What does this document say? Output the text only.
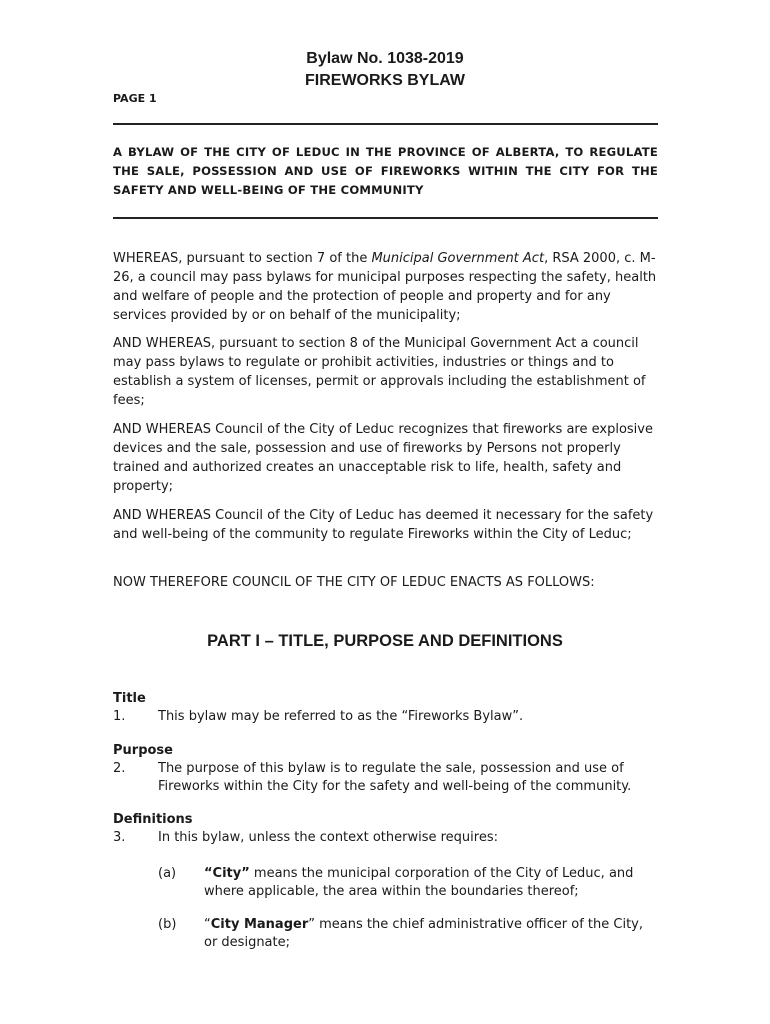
Bylaw No. 1038-2019
FIREWORKS BYLAW
PAGE 1
A BYLAW OF THE CITY OF LEDUC IN THE PROVINCE OF ALBERTA, TO REGULATE THE SALE, POSSESSION AND USE OF FIREWORKS WITHIN THE CITY FOR THE SAFETY AND WELL-BEING OF THE COMMUNITY
WHEREAS, pursuant to section 7 of the Municipal Government Act, RSA 2000, c. M-26, a council may pass bylaws for municipal purposes respecting the safety, health and welfare of people and the protection of people and property and for any services provided by or on behalf of the municipality;
AND WHEREAS, pursuant to section 8 of the Municipal Government Act a council may pass bylaws to regulate or prohibit activities, industries or things and to establish a system of licenses, permit or approvals including the establishment of fees;
AND WHEREAS Council of the City of Leduc recognizes that fireworks are explosive devices and the sale, possession and use of fireworks by Persons not properly trained and authorized creates an unacceptable risk to life, health, safety and property;
AND WHEREAS Council of the City of Leduc has deemed it necessary for the safety and well-being of the community to regulate Fireworks within the City of Leduc;
NOW THEREFORE COUNCIL OF THE CITY OF LEDUC ENACTS AS FOLLOWS:
PART I – TITLE, PURPOSE AND DEFINITIONS
Title
1.	This bylaw may be referred to as the “Fireworks Bylaw”.
Purpose
2.	The purpose of this bylaw is to regulate the sale, possession and use of Fireworks within the City for the safety and well-being of the community.
Definitions
3.	In this bylaw, unless the context otherwise requires:
(a) “City” means the municipal corporation of the City of Leduc, and where applicable, the area within the boundaries thereof;
(b) “City Manager” means the chief administrative officer of the City, or designate;
